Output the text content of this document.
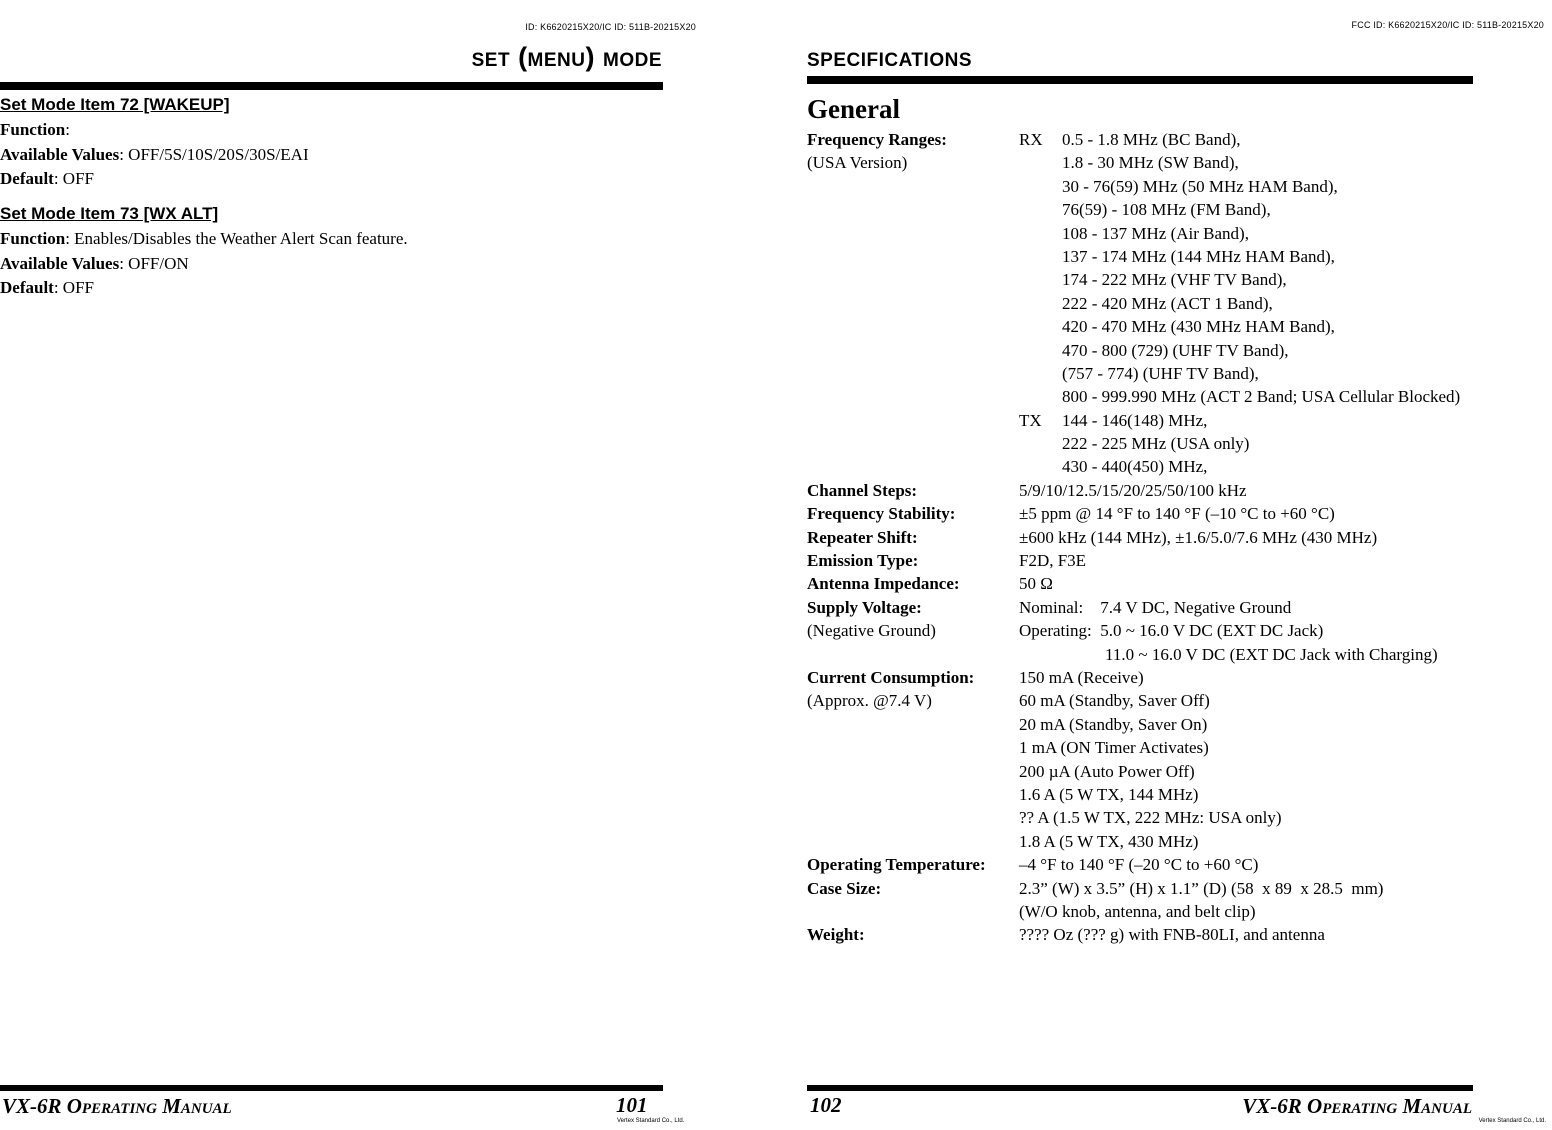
 ID: K6620215X20/IC ID: 511B-20215X20
set (menu) mode
Set Mode Item 72 [WAKEUP]
Function:
Available Values: OFF/5S/10S/20S/30S/EAI
Default: OFF
Set Mode Item 73 [WX ALT]
Function: Enables/Disables the Weather Alert Scan feature.
Available Values: OFF/ON
Default: OFF
VX-6R Operating Manual	101
Vertex Standard Co., Ltd.
FCC ID: K6620215X20/IC ID: 511B-20215X20
specifications
General
Frequency Ranges:	RX 0.5 - 1.8 MHz (BC Band),
(USA Version)	1.8 - 30 MHz (SW Band),
30 - 76(59) MHz (50 MHz HAM Band),
76(59) - 108 MHz (FM Band),
108 - 137 MHz (Air Band),
137 - 174 MHz (144 MHz HAM Band),
174 - 222 MHz (VHF TV Band),
222 - 420 MHz (ACT 1 Band),
420 - 470 MHz (430 MHz HAM Band),
470 - 800 (729) (UHF TV Band),
(757 - 774) (UHF TV Band),
800 - 999.990 MHz (ACT 2 Band; USA Cellular Blocked)
TX 144 - 146(148) MHz,
222 - 225 MHz (USA only)
430 - 440(450) MHz,
Channel Steps:	5/9/10/12.5/15/20/25/50/100 kHz
Frequency Stability:	±5 ppm @ 14 °F to 140 °F (–10 °C to +60 °C)
Repeater Shift:	±600 kHz (144 MHz), ±1.6/5.0/7.6 MHz (430 MHz)
Emission Type:	F2D, F3E
Antenna Impedance:	50 Ω
Supply Voltage:	Nominal:    7.4 V DC, Negative Ground
(Negative Ground)	Operating:  5.0 ~ 16.0 V DC (EXT DC Jack)
11.0 ~ 16.0 V DC (EXT DC Jack with Charging)
Current Consumption:	150 mA (Receive)
(Approx. @7.4 V)	60 mA (Standby, Saver Off)
20 mA (Standby, Saver On)
1 mA (ON Timer Activates)
200 µA (Auto Power Off)
1.6 A (5 W TX, 144 MHz)
?? A (1.5 W TX, 222 MHz: USA only)
1.8 A (5 W TX, 430 MHz)
Operating Temperature: –4 °F to 140 °F (–20 °C to +60 °C)
Case Size:	2.3” (W) x 3.5” (H) x 1.1” (D) (58  x 89  x 28.5  mm)
(W/O knob, antenna, and belt clip)
Weight:	???? Oz (??? g) with FNB-80LI, and antenna
102	VX-6R Operating Manual
Vertex Standard Co., Ltd.
